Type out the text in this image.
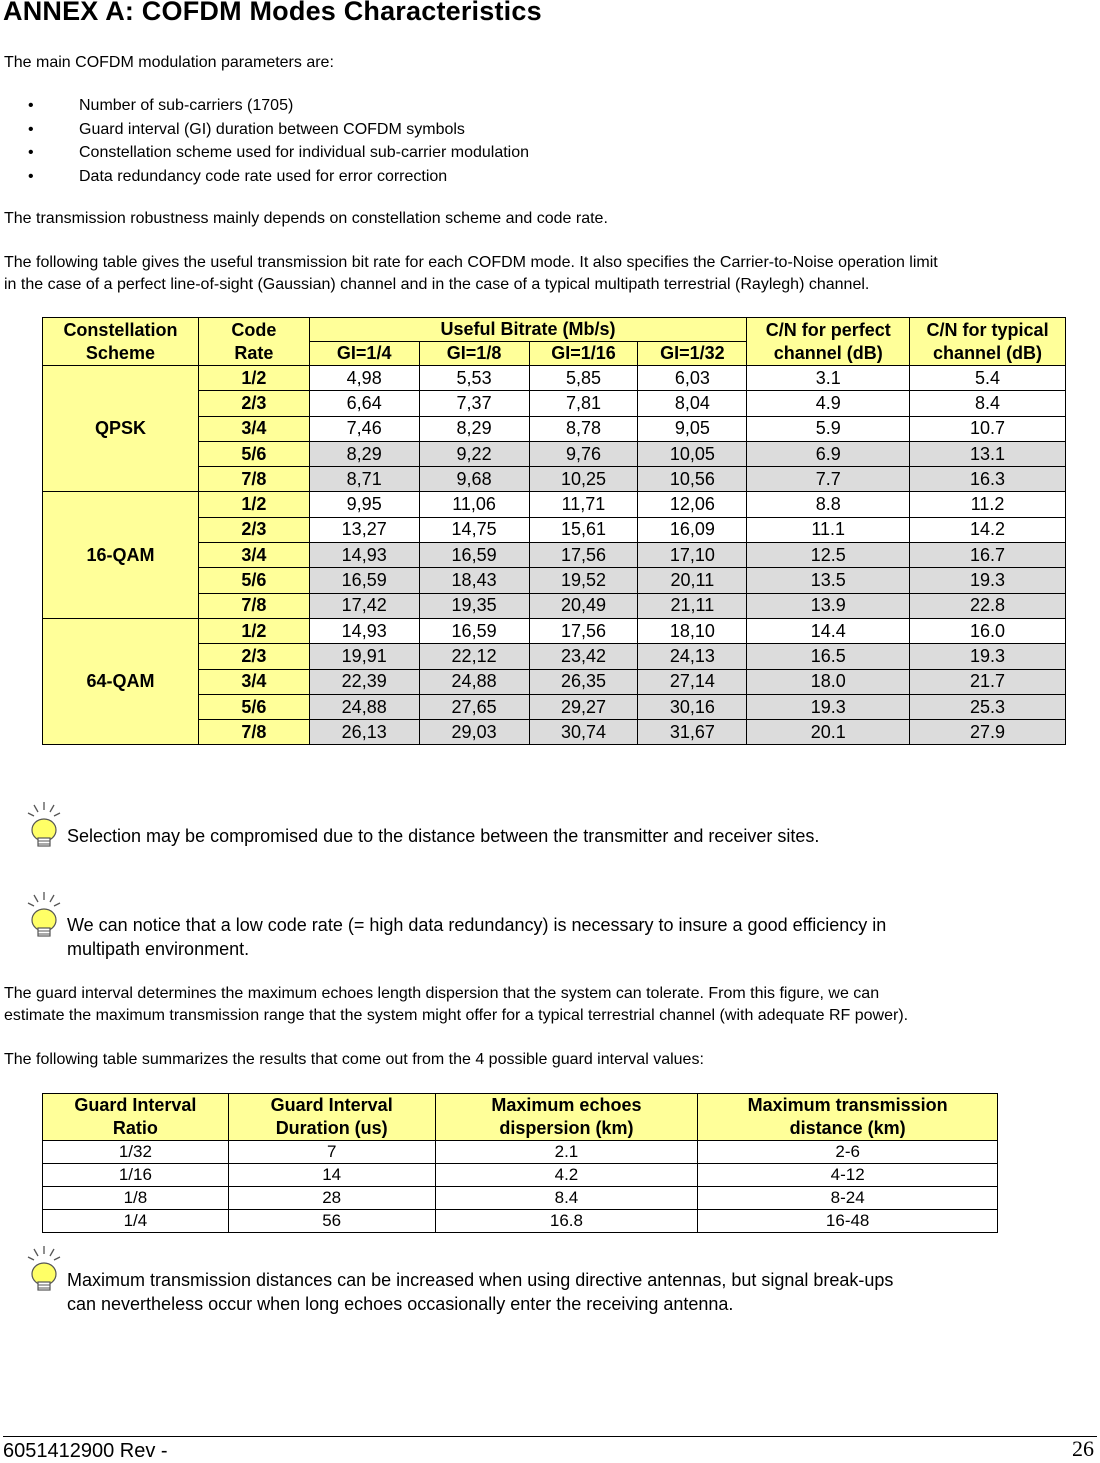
ANNEX A: COFDM Modes Characteristics
The main COFDM modulation parameters are:
• Number of sub-carriers (1705)
• Guard interval (GI) duration between COFDM symbols
• Constellation scheme used for individual sub-carrier modulation
• Data redundancy code rate used for error correction
The transmission robustness mainly depends on constellation scheme and code rate.
The following table gives the useful transmission bit rate for each COFDM mode. It also specifies the Carrier-to-Noise operation limit
in the case of a perfect line-of-sight (Gaussian) channel and in the case of a typical multipath terrestrial (Raylegh) channel.
Constellation
Scheme	Code
Rate	Useful Bitrate (Mb/s)				C/N for perfect
channel (dB)	C/N for typical
channel (dB)
		GI=1/4	GI=1/8	GI=1/16	GI=1/32		
QPSK	1/2	4,98	5,53	5,85	6,03	3.1	5.4
	2/3	6,64	7,37	7,81	8,04	4.9	8.4
	3/4	7,46	8,29	8,78	9,05	5.9	10.7
	5/6	8,29	9,22	9,76	10,05	6.9	13.1
	7/8	8,71	9,68	10,25	10,56	7.7	16.3
16-QAM	1/2	9,95	11,06	11,71	12,06	8.8	11.2
	2/3	13,27	14,75	15,61	16,09	11.1	14.2
	3/4	14,93	16,59	17,56	17,10	12.5	16.7
	5/6	16,59	18,43	19,52	20,11	13.5	19.3
	7/8	17,42	19,35	20,49	21,11	13.9	22.8
64-QAM	1/2	14,93	16,59	17,56	18,10	14.4	16.0
	2/3	19,91	22,12	23,42	24,13	16.5	19.3
	3/4	22,39	24,88	26,35	27,14	18.0	21.7
	5/6	24,88	27,65	29,27	30,16	19.3	25.3
	7/8	26,13	29,03	30,74	31,67	20.1	27.9
Selection may be compromised due to the distance between the transmitter and receiver sites.
We can notice that a low code rate (= high data redundancy) is necessary to insure a good efficiency in
multipath environment.
The guard interval determines the maximum echoes length dispersion that the system can tolerate. From this figure, we can
estimate the maximum transmission range that the system might offer for a typical terrestrial channel (with adequate RF power).
The following table summarizes the results that come out from the 4 possible guard interval values:
Guard Interval
Ratio	Guard Interval
Duration (us)	Maximum echoes
dispersion (km)	Maximum transmission
distance (km)
1/32	7	2.1	2-6
1/16	14	4.2	4-12
1/8	28	8.4	8-24
1/4	56	16.8	16-48
Maximum transmission distances can be increased when using directive antennas, but signal break-ups
can nevertheless occur when long echoes occasionally enter the receiving antenna.
6051412900 Rev -	26
